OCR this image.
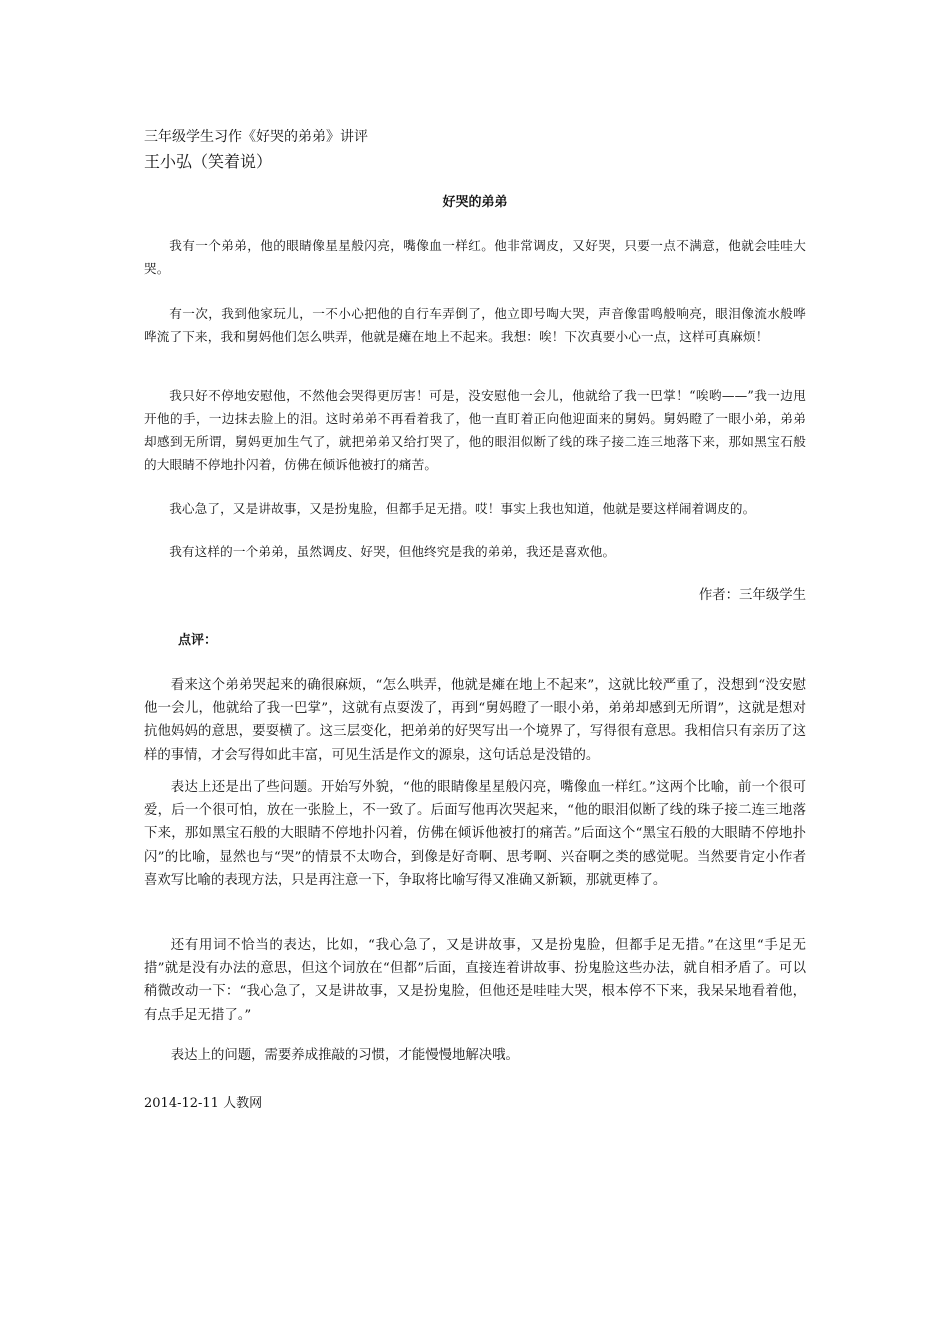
三年级学生习作《好哭的弟弟》讲评
王小弘（笑着说）
好哭的弟弟

我有一个弟弟，他的眼睛像星星般闪亮，嘴像血一样红。他非常调皮，又好哭，只要一点不满意，他就会哇哇大哭。

有一次，我到他家玩儿，一不小心把他的自行车弄倒了，他立即号啕大哭，声音像雷鸣般响亮，眼泪像流水般哗哗流了下来，我和舅妈他们怎么哄弄，他就是瘫在地上不起来。我想：唉！下次真要小心一点，这样可真麻烦！

我只好不停地安慰他，不然他会哭得更厉害！可是，没安慰他一会儿，他就给了我一巴掌！“唉哟——”我一边甩开他的手，一边抹去脸上的泪。这时弟弟不再看着我了，他一直盯着正向他迎面来的舅妈。舅妈瞪了一眼小弟，弟弟却感到无所谓，舅妈更加生气了，就把弟弟又给打哭了，他的眼泪似断了线的珠子接二连三地落下来，那如黑宝石般的大眼睛不停地扑闪着，仿佛在倾诉他被打的痛苦。

我心急了，又是讲故事，又是扮鬼脸，但都手足无措。哎！事实上我也知道，他就是要这样闹着调皮的。

我有这样的一个弟弟，虽然调皮、好哭，但他终究是我的弟弟，我还是喜欢他。

作者：三年级学生
点评：

看来这个弟弟哭起来的确很麻烦，“怎么哄弄，他就是瘫在地上不起来”，这就比较严重了，没想到“没安慰他一会儿，他就给了我一巴掌”，这就有点耍泼了，再到“舅妈瞪了一眼小弟，弟弟却感到无所谓”，这就是想对抗他妈妈的意思，要耍横了。这三层变化，把弟弟的好哭写出一个境界了，写得很有意思。我相信只有亲历了这样的事情，才会写得如此丰富，可见生活是作文的源泉，这句话总是没错的。

表达上还是出了些问题。开始写外貌，“他的眼睛像星星般闪亮，嘴像血一样红。”这两个比喻，前一个很可爱，后一个很可怕，放在一张脸上，不一致了。后面写他再次哭起来，“他的眼泪似断了线的珠子接二连三地落下来，那如黑宝石般的大眼睛不停地扑闪着，仿佛在倾诉他被打的痛苦。”后面这个“黑宝石般的大眼睛不停地扑闪”的比喻，显然也与“哭”的情景不太吻合，到像是好奇啊、思考啊、兴奋啊之类的感觉呢。当然要肯定小作者喜欢写比喻的表现方法，只是再注意一下，争取将比喻写得又准确又新颖，那就更棒了。

还有用词不恰当的表达，比如，“我心急了，又是讲故事，又是扮鬼脸，但都手足无措。”在这里“手足无措”就是没有办法的意思，但这个词放在“但都”后面，直接连着讲故事、扮鬼脸这些办法，就自相矛盾了。可以稍微改动一下：“我心急了，又是讲故事，又是扮鬼脸，但他还是哇哇大哭，根本停不下来，我呆呆地看着他，有点手足无措了。”

表达上的问题，需要养成推敲的习惯，才能慢慢地解决哦。

2014-12-11 人教网
